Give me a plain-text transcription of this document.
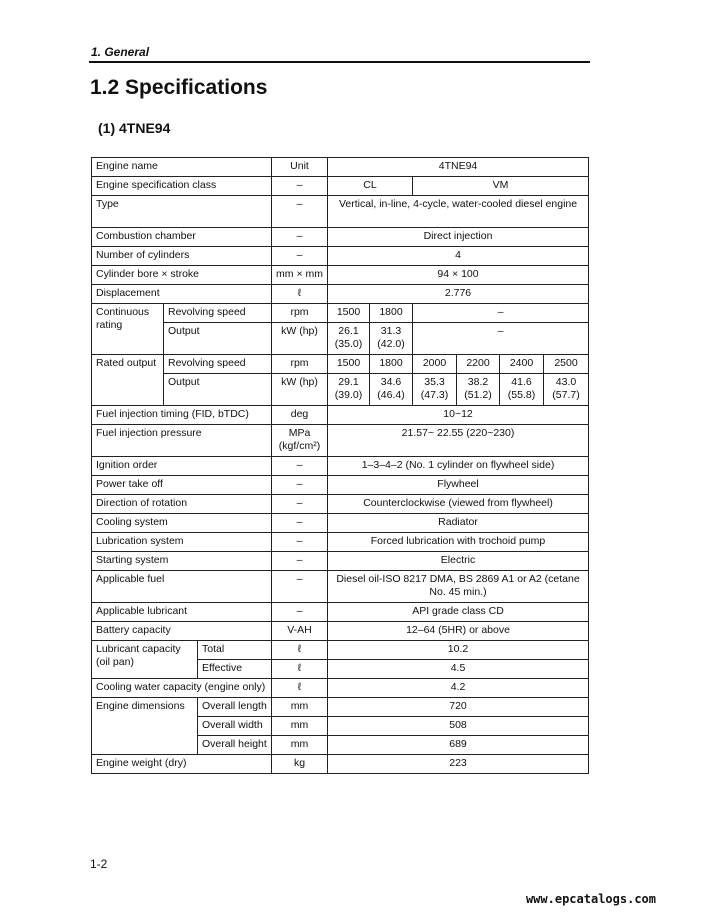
1. General
1.2 Specifications
(1) 4TNE94
Engine name			Unit	4TNE94					
Engine specification class			–	CL		VM			
Type			–	Vertical, in-line, 4-cycle, water-cooled diesel engine					
Combustion chamber			–	Direct injection					
Number of cylinders			–	4					
Cylinder bore × stroke			mm × mm	94 × 100					
Displacement			ℓ	2.776					
Continuous rating	Revolving speed		rpm	1500	1800	–			
	Output		kW (hp)	26.1 (35.0)	31.3 (42.0)	–			
Rated output	Revolving speed		rpm	1500	1800	2000	2200	2400	2500
	Output		kW (hp)	29.1 (39.0)	34.6 (46.4)	35.3 (47.3)	38.2 (51.2)	41.6 (55.8)	43.0 (57.7)
Fuel injection timing (FID, bTDC)			deg	10~12					
Fuel injection pressure			MPa (kgf/cm²)	21.57~ 22.55 (220~230)					
Ignition order			–	1–3–4–2 (No. 1 cylinder on flywheel side)					
Power take off			–	Flywheel					
Direction of rotation			–	Counterclockwise (viewed from flywheel)					
Cooling system			–	Radiator					
Lubrication system			–	Forced lubrication with trochoid pump					
Starting system			–	Electric					
Applicable fuel			–	Diesel oil-ISO 8217 DMA, BS 2869 A1 or A2 (cetane No. 45 min.)					
Applicable lubricant			–	API grade class CD					
Battery capacity			V-AH	12–64 (5HR) or above					
Lubricant capacity (oil pan)		Total	ℓ	10.2					
		Effective	ℓ	4.5					
Cooling water capacity (engine only)			ℓ	4.2					
Engine dimensions		Overall length	mm	720					
		Overall width	mm	508					
		Overall height	mm	689					
Engine weight (dry)			kg	223					
1-2
www.epcatalogs.com
